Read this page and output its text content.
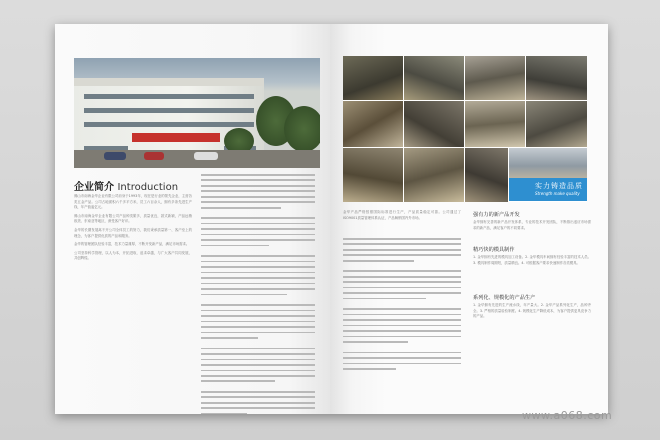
企业简介 Introduction

佛山市南海金华企业有限公司前身于1993年，现在是行业的领先企业，主营各类五金产品。公司占地面积六千多平方米，员工六百余人，拥有多条先进生产线，年产值逾亿元。

佛山市南海金华企业有限公司产品种类繁多，质量优良，款式新颖，产品远销欧美、东南亚等地区，深受客户好评。

金华的长期发展离不开公司全体员工的努力，我们秉承质量第一、客户至上的理念，为客户提供优质的产品和服务。

金华的管理团队经验丰富，技术力量雄厚，不断开发新产品，满足市场需求。

公司坚持科学管理，以人为本，开拓进取，追求卓越，与广大客户共同发展，共创辉煌。

实力铸造品质
Strength make quality

金华产品严格按照国际标准进行生产，产品质量稳定可靠。公司通过了ISO9001质量管理体系认证，产品畅销国内外市场。	强有力的新产品开发

金华拥有完善的新产品开发体系，专业的技术开发团队，不断推出适应市场需求的新产品，满足客户的不同要求。

精巧快的模具制作

1. 金华拥有先进的模具加工设备。2. 金华模具车间拥有经验丰富的技术人员。3. 模具制作周期短，质量精良。4. 可根据客户要求快速制作各类模具。

系列化、规模化的产品生产

1. 金华拥有先进的生产流水线，年产量大。2. 金华产品系列化生产，品种齐全。3. 严格的质量检验制度。4. 规模化生产降低成本，为客户提供更具竞争力的产品。

www.a068.com
